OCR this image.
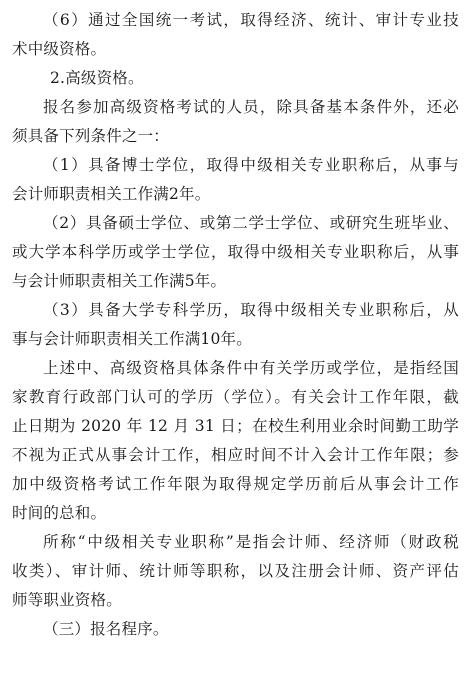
（6）通过全国统一考试，取得经济、统计、审计专业技
术中级资格。
2.高级资格。
报名参加高级资格考试的人员，除具备基本条件外，还必
须具备下列条件之一：
（1）具备博士学位，取得中级相关专业职称后，从事与
会计师职责相关工作满2年。
（2）具备硕士学位、或第二学士学位、或研究生班毕业、
或大学本科学历或学士学位，取得中级相关专业职称后，从事
与会计师职责相关工作满5年。
（3）具备大学专科学历，取得中级相关专业职称后，从
事与会计师职责相关工作满10年。
上述中、高级资格具体条件中有关学历或学位，是指经国
家教育行政部门认可的学历（学位）。有关会计工作年限，截
止日期为 2020 年 12 月 31 日；在校生利用业余时间勤工助学
不视为正式从事会计工作，相应时间不计入会计工作年限；参
加中级资格考试工作年限为取得规定学历前后从事会计工作
时间的总和。
所称“中级相关专业职称”是指会计师、经济师（财政税
收类）、审计师、统计师等职称，以及注册会计师、资产评估
师等职业资格。
（三）报名程序。
